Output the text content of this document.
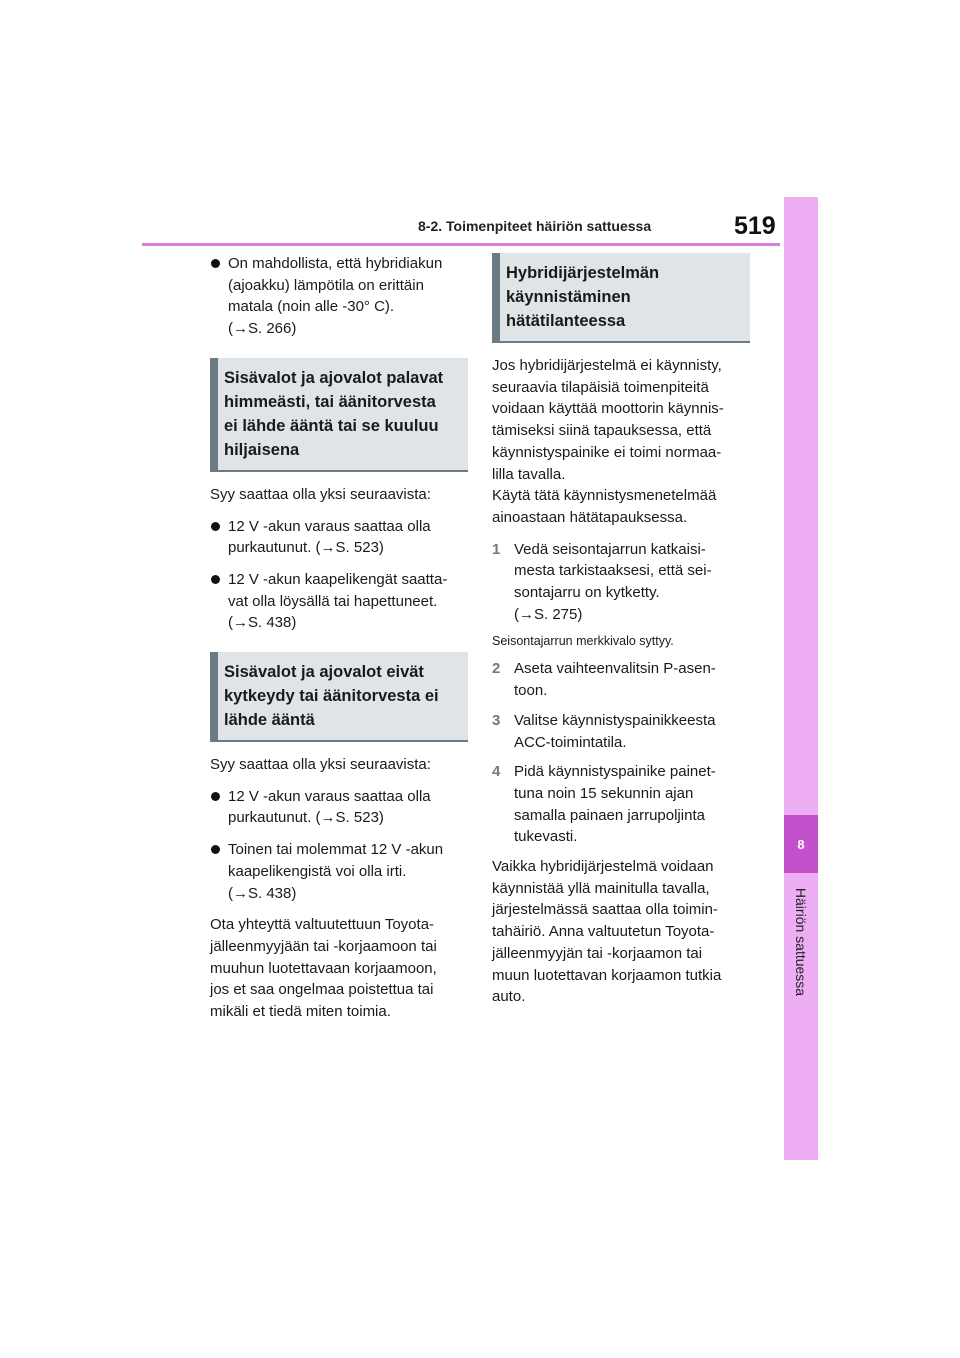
8-2. Toimenpiteet häiriön sattuessa	519
8
Häiriön sattuessa
On mahdollista, että hybridiakun
(ajoakku) lämpötila on erittäin
matala (noin alle -30° C).
(→S. 266)
Sisävalot ja ajovalot palavat
himmeästi, tai äänitorvesta
ei lähde ääntä tai se kuuluu
hiljaisena

Syy saattaa olla yksi seuraavista:

12 V -akun varaus saattaa olla
purkautunut. (→S. 523)
12 V -akun kaapelikengät saatta-
vat olla löysällä tai hapettuneet.
(→S. 438)
Sisävalot ja ajovalot eivät
kytkeydy tai äänitorvesta ei
lähde ääntä

Syy saattaa olla yksi seuraavista:

12 V -akun varaus saattaa olla
purkautunut. (→S. 523)
Toinen tai molemmat 12 V -akun
kaapelikengistä voi olla irti.
(→S. 438)

Ota yhteyttä valtuutettuun Toyota-
jälleenmyyjään tai -korjaamoon tai
muuhun luotettavaan korjaamoon,
jos et saa ongelmaa poistettua tai
mikäli et tiedä miten toimia.

Hybridijärjestelmän
käynnistäminen
hätätilanteessa

Jos hybridijärjestelmä ei käynnisty,
seuraavia tilapäisiä toimenpiteitä
voidaan käyttää moottorin käynnis-
tämiseksi siinä tapauksessa, että
käynnistyspainike ei toimi normaa-
lilla tavalla.
Käytä tätä käynnistysmenetelmää
ainoastaan hätätapauksessa.

1 Vedä seisontajarrun katkaisi-
mesta tarkistaaksesi, että sei-
sontajarru on kytketty.
(→S. 275)
Seisontajarrun merkkivalo syttyy.
2 Aseta vaihteenvalitsin P-asen-
toon.
3 Valitse käynnistyspainikkeesta
ACC-toimintatila.
4 Pidä käynnistyspainike painet-
tuna noin 15 sekunnin ajan
samalla painaen jarrupoljinta
tukevasti.

Vaikka hybridijärjestelmä voidaan
käynnistää yllä mainitulla tavalla,
järjestelmässä saattaa olla toimin-
tahäiriö. Anna valtuutetun Toyota-
jälleenmyyjän tai -korjaamon tai
muun luotettavan korjaamon tutkia
auto.
